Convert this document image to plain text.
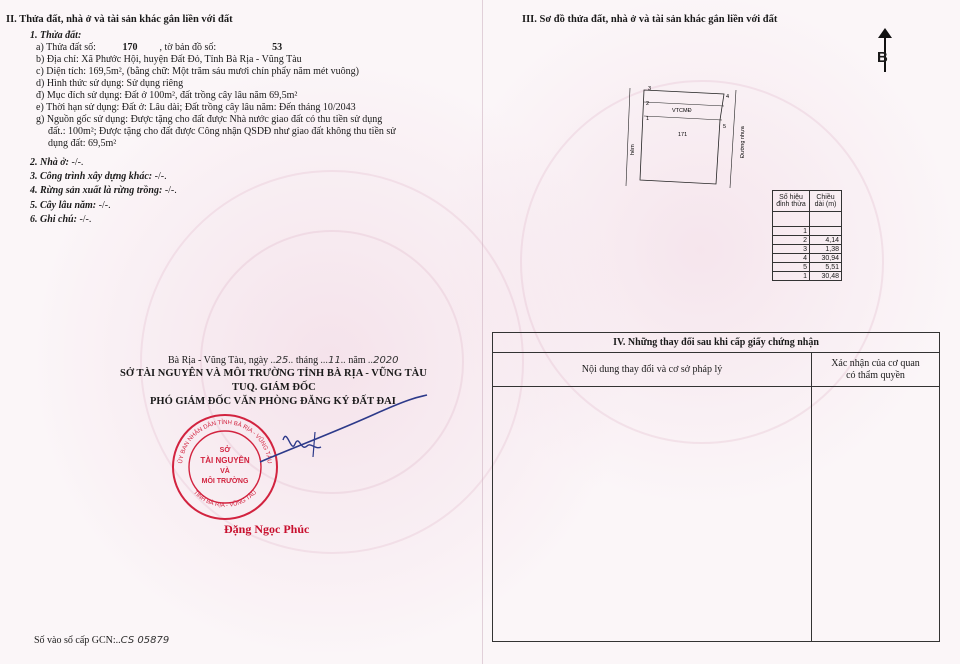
II. Thửa đất, nhà ở và tài sản khác gắn liền với đất
1. Thửa đất:
a) Thửa đất số:	170 , tờ bản đồ số:	53
b) Địa chỉ: Xã Phước Hội, huyện Đất Đỏ, Tỉnh Bà Rịa - Vũng Tàu
c) Diện tích: 169,5m², (bằng chữ: Một trăm sáu mươi chín phẩy năm mét vuông)
d) Hình thức sử dụng: Sử dụng riêng
đ) Mục đích sử dụng: Đất ở 100m², đất trồng cây lâu năm 69,5m²
e) Thời hạn sử dụng: Đất ở: Lâu dài; Đất trồng cây lâu năm: Đến tháng 10/2043
g) Nguồn gốc sử dụng: Được tặng cho đất được Nhà nước giao đất có thu tiền sử dụng
đất.: 100m²; Được tặng cho đất được Công nhận QSDĐ như giao đất không thu tiền sử
dụng đất: 69,5m²
2. Nhà ở: -/-.
3. Công trình xây dựng khác: -/-.
4. Rừng sản xuất là rừng trồng: -/-.
5. Cây lâu năm: -/-.
6. Ghi chú: -/-.
Bà Rịa - Vũng Tàu, ngày ..25.. tháng ...11.. năm ..2020
SỞ TÀI NGUYÊN VÀ MÔI TRƯỜNG TỈNH BÀ RỊA - VŨNG TÀU
TUQ. GIÁM ĐỐC
PHÓ GIÁM ĐỐC VĂN PHÒNG ĐĂNG KÝ ĐẤT ĐAI
ỦY BAN NHÂN DÂN TỈNH BÀ RỊA - VŨNG TÀU
TỈNH BÀ RỊA - VŨNG TÀU
SỞ
TÀI NGUYÊN
VÀ
MÔI TRƯỜNG
Đặng Ngọc Phúc
Số vào sổ cấp GCN:..CS 05879
III. Sơ đồ thửa đất, nhà ở và tài sản khác gắn liền với đất
B
3
2
1
4
5
VTCMĐ
171
hẻm	Đường nhựa
Số hiệu đỉnh thửa	Chiều dài (m)

1	
2	4,14
3	1,38
4	30,94
5	5,51
1	30,48
IV. Những thay đổi sau khi cấp giấy chứng nhận	
Nội dung thay đổi và cơ sở pháp lý	Xác nhận của cơ quan
có thẩm quyền
